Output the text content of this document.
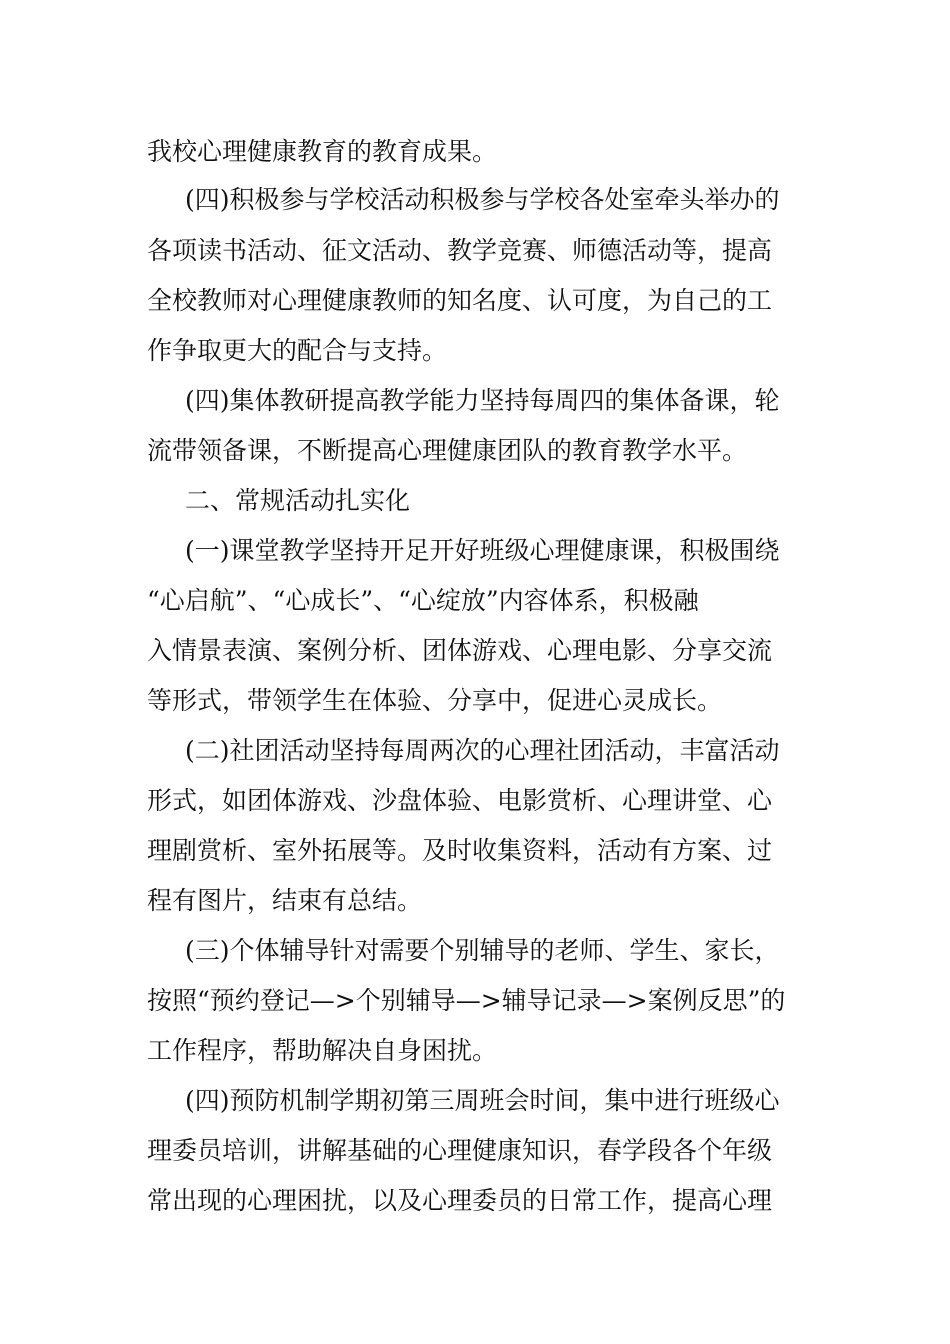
我校心理健康教育的教育成果。
(四)积极参与学校活动积极参与学校各处室牵头举办的
各项读书活动、征文活动、教学竞赛、师德活动等，提高
全校教师对心理健康教师的知名度、认可度，为自己的工
作争取更大的配合与支持。
(四)集体教研提高教学能力坚持每周四的集体备课，轮
流带领备课，不断提高心理健康团队的教育教学水平。
二、常规活动扎实化
(一)课堂教学坚持开足开好班级心理健康课，积极围绕
“心启航”、“心成长”、“心绽放”内容体系，积极融
入情景表演、案例分析、团体游戏、心理电影、分享交流
等形式，带领学生在体验、分享中，促进心灵成长。
(二)社团活动坚持每周两次的心理社团活动，丰富活动
形式，如团体游戏、沙盘体验、电影赏析、心理讲堂、心
理剧赏析、室外拓展等。及时收集资料，活动有方案、过
程有图片，结束有总结。
(三)个体辅导针对需要个别辅导的老师、学生、家长，
按照“预约登记—>个别辅导—>辅导记录—>案例反思”的
工作程序，帮助解决自身困扰。
(四)预防机制学期初第三周班会时间，集中进行班级心
理委员培训，讲解基础的心理健康知识，春学段各个年级
常出现的心理困扰，以及心理委员的日常工作，提高心理
